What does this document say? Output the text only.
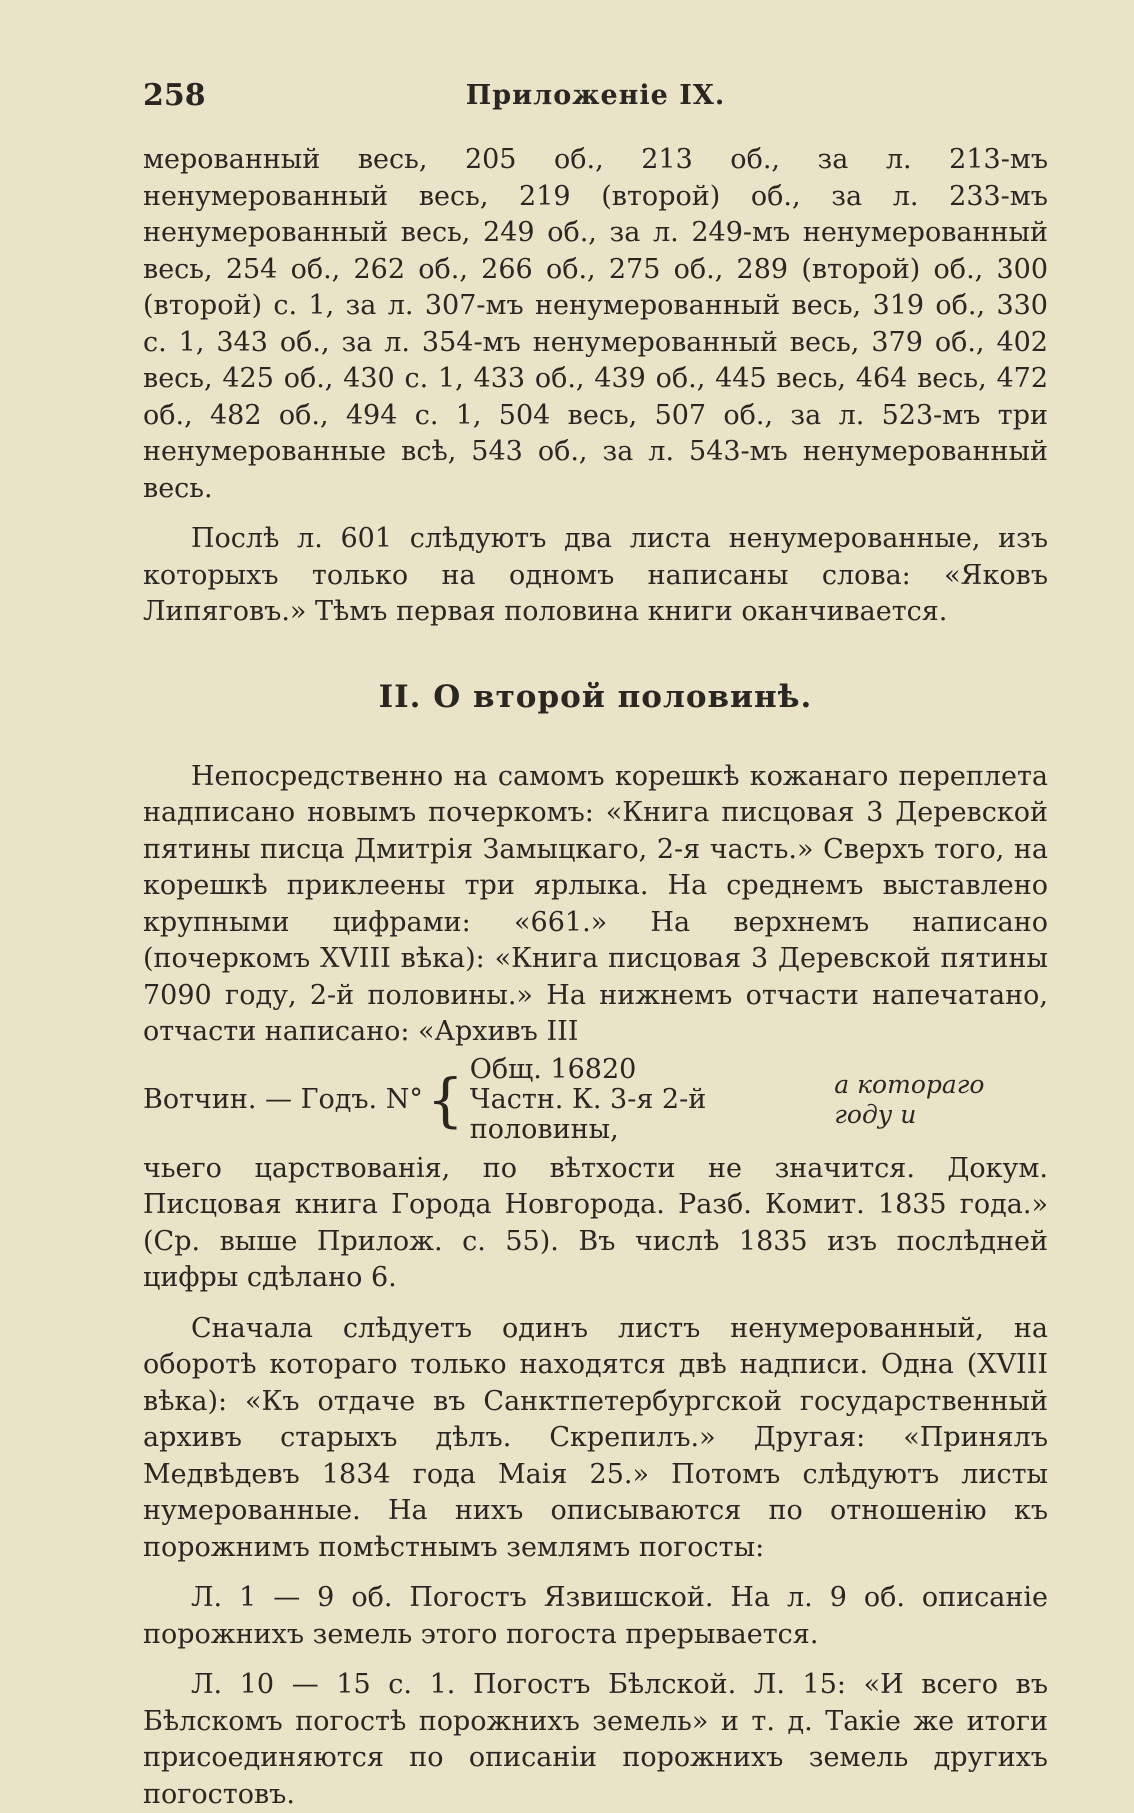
258	Приложеніе IX.

мерованный весь, 205 об., 213 об., за л. 213-мъ ненумерованный весь, 219 (второй) об., за л. 233-мъ ненумерованный весь, 249 об., за л. 249-мъ ненумерованный весь, 254 об., 262 об., 266 об., 275 об., 289 (второй) об., 300 (второй) с. 1, за л. 307-мъ ненумерованный весь, 319 об., 330 с. 1, 343 об., за л. 354-мъ ненумерованный весь, 379 об., 402 весь, 425 об., 430 с. 1, 433 об., 439 об., 445 весь, 464 весь, 472 об., 482 об., 494 с. 1, 504 весь, 507 об., за л. 523-мъ три ненумерованные всѣ, 543 об., за л. 543-мъ ненумерованный весь.

Послѣ л. 601 слѣдуютъ два листа ненумерованные, изъ которыхъ только на одномъ написаны слова: «Яковъ Липяговъ.» Тѣмъ первая половина книги оканчивается.

II. О второй половинѣ.

Непосредственно на самомъ корешкѣ кожанаго переплета надписано новымъ почеркомъ: «Книга писцовая 3 Деревской пятины писца Дмитрія Замыцкаго, 2-я часть.» Сверхъ того, на корешкѣ приклеены три ярлыка. На среднемъ выставлено крупными цифрами: «661.» На верхнемъ написано (почеркомъ XVIII вѣка): «Книга писцовая 3 Деревской пятины 7090 году, 2-й половины.» На нижнемъ отчасти напечатано, отчасти написано: «Архивъ III

Вотчин. — Годъ. N° { Общ. 16820
Частн. К. 3-я 2-й половины,
а котораго году и

чьего царствованія, по вѣтхости не значится. Докум. Писцовая книга Города Новгорода. Разб. Комит. 1835 года.» (Ср. выше Прилож. с. 55). Въ числѣ 1835 изъ послѣдней цифры сдѣлано 6.

Сначала слѣдуетъ одинъ листъ ненумерованный, на оборотѣ котораго только находятся двѣ надписи. Одна (XVIII вѣка): «Къ отдаче въ Санктпетербургской государственный архивъ старыхъ дѣлъ. Скрепилъ.» Другая: «Принялъ Медвѣдевъ 1834 года Маія 25.» Потомъ слѣдуютъ листы нумерованные. На нихъ описываются по отношенію къ порожнимъ помѣстнымъ землямъ погосты:

Л. 1 — 9 об. Погостъ Язвишской. На л. 9 об. описаніе порожнихъ земель этого погоста прерывается.

Л. 10 — 15 с. 1. Погостъ Бѣлской. Л. 15: «И всего въ Бѣлскомъ погостѣ порожнихъ земель» и т. д. Такіе же итоги присоединяются по описаніи порожнихъ земель другихъ погостовъ.
